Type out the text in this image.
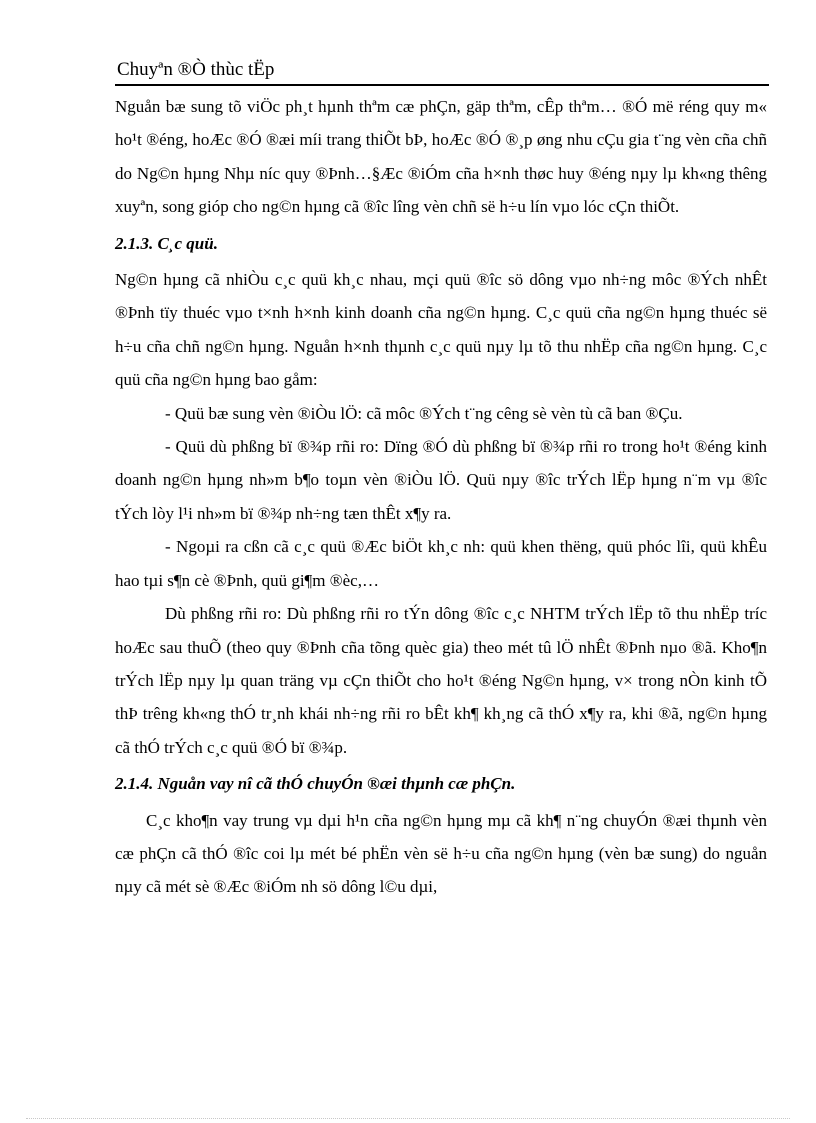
Chuyªn ®Ò thùc tËp

Nguån bæ sung tõ viÖc ph¸t hµnh thªm cæ phÇn, gäp thªm, cÊp thªm… ®Ó më réng quy m« ho¹t ®éng, hoÆc ®Ó ®æi míi trang thiÕt bÞ, hoÆc ®Ó ®¸p øng nhu cÇu gia t¨ng vèn cña chñ do Ng©n hµng Nhµ níc quy ®Þnh…§Æc ®iÓm cña h×nh thøc huy ®éng nµy lµ kh«ng thêng xuyªn, song gióp cho ng©n hµng cã ®îc lîng vèn chñ së h÷u lín vµo lóc cÇn thiÕt.

2.1.3. C¸c quü.

Ng©n hµng cã nhiÒu c¸c quü kh¸c nhau, mçi quü ®îc sö dông vµo nh÷ng môc ®Ých nhÊt ®Þnh tïy thuéc vµo t×nh h×nh kinh doanh cña ng©n hµng. C¸c quü cña ng©n hµng thuéc së h÷u cña chñ ng©n hµng. Nguån h×nh thµnh c¸c quü nµy lµ tõ thu nhËp cña ng©n hµng. C¸c quü cña ng©n hµng bao gåm:

- Quü bæ sung vèn ®iÒu lÖ: cã môc ®Ých t¨ng cêng sè vèn tù cã ban ®Çu.

- Quü dù phßng bï ®¾p rñi ro: Dïng ®Ó dù phßng bï ®¾p rñi ro trong ho¹t ®éng kinh doanh ng©n hµng nh»m b¶o toµn vèn ®iÒu lÖ. Quü nµy ®îc trÝch lËp hµng n¨m vµ ®îc tÝch lòy l¹i nh»m bï ®¾p nh÷ng tæn thÊt x¶y ra.

- Ngoµi ra cßn cã c¸c quü ®Æc biÖt kh¸c nh: quü khen thëng, quü phóc lîi, quü khÊu hao tµi s¶n cè ®Þnh, quü gi¶m ®èc,…

Dù phßng rñi ro: Dù phßng rñi ro tÝn dông ®îc c¸c NHTM trÝch lËp tõ thu nhËp tríc hoÆc sau thuÕ (theo quy ®Þnh cña tõng quèc gia) theo mét tû lÖ nhÊt ®Þnh nµo ®ã. Kho¶n trÝch lËp nµy lµ quan träng vµ cÇn thiÕt cho ho¹t ®éng Ng©n hµng, v× trong nÒn kinh tÕ thÞ trêng kh«ng thÓ tr¸nh khái nh÷ng rñi ro bÊt kh¶ kh¸ng cã thÓ x¶y ra, khi ®ã, ng©n hµng cã thÓ trÝch c¸c quü ®Ó bï ®¾p.

2.1.4. Nguån vay nî cã thÓ chuyÓn ®æi thµnh cæ phÇn.

C¸c kho¶n vay trung vµ dµi h¹n cña ng©n hµng mµ cã kh¶ n¨ng chuyÓn ®æi thµnh vèn cæ phÇn cã thÓ ®îc coi lµ mét bé phËn vèn së h÷u cña ng©n hµng (vèn bæ sung) do nguån nµy cã mét sè ®Æc ®iÓm nh sö dông l©u dµi,
